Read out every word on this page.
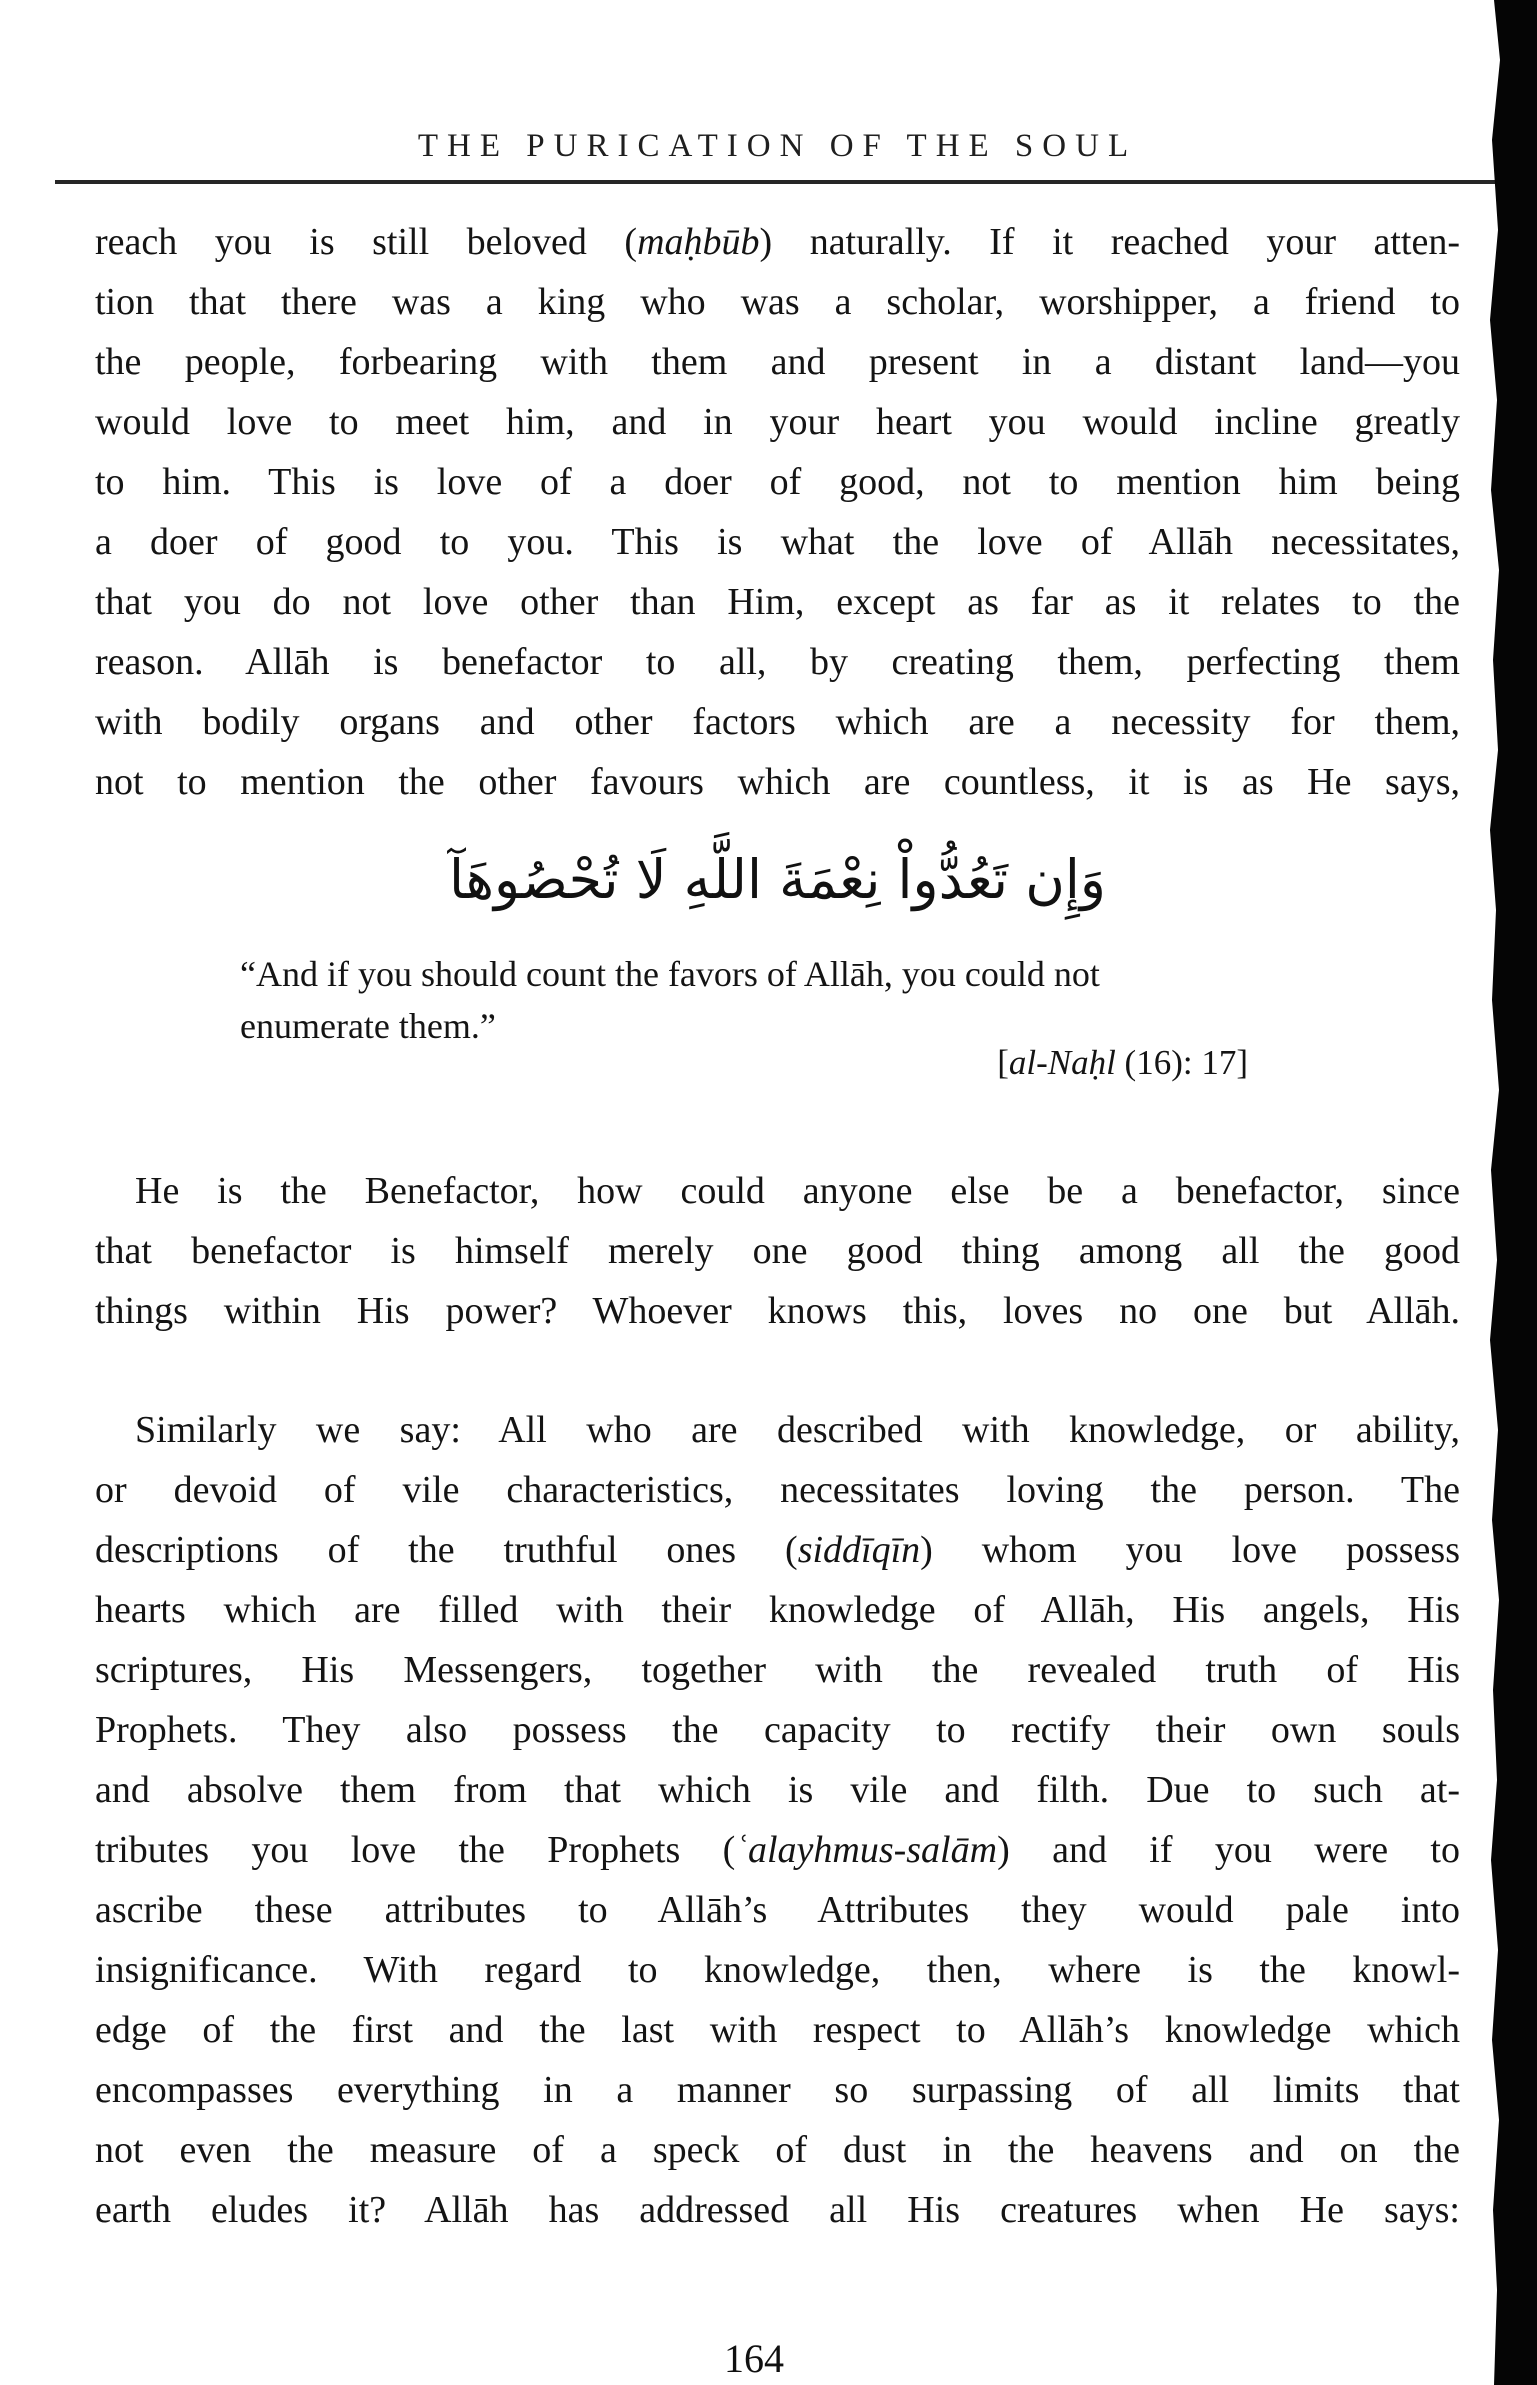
THE PURICATION OF THE SOUL
reach you is still beloved (maḥbūb) naturally. If it reached your atten-
tion that there was a king who was a scholar, worshipper, a friend to
the people, forbearing with them and present in a distant land—you
would love to meet him, and in your heart you would incline greatly
to him. This is love of a doer of good, not to mention him being
a doer of good to you. This is what the love of Allāh necessitates,
that you do not love other than Him, except as far as it relates to the
reason. Allāh is benefactor to all, by creating them, perfecting them
with bodily organs and other factors which are a necessity for them,
not to mention the other favours which are countless, it is as He says,
وَإِن تَعُدُّواْ نِعْمَةَ اللَّهِ لَا تُحْصُوهَآ
“And if you should count the favors of Allāh, you could not
enumerate them.”
[al-Naḥl (16): 17]
He is the Benefactor, how could anyone else be a benefactor, since
that benefactor is himself merely one good thing among all the good
things within His power? Whoever knows this, loves no one but Allāh.
Similarly we say: All who are described with knowledge, or ability,
or devoid of vile characteristics, necessitates loving the person. The
descriptions of the truthful ones (siddīqīn) whom you love possess
hearts which are filled with their knowledge of Allāh, His angels, His
scriptures, His Messengers, together with the revealed truth of His
Prophets. They also possess the capacity to rectify their own souls
and absolve them from that which is vile and filth. Due to such at-
tributes you love the Prophets (ʿalayhmus-salām) and if you were to
ascribe these attributes to Allāh’s Attributes they would pale into
insignificance. With regard to knowledge, then, where is the knowl-
edge of the first and the last with respect to Allāh’s knowledge which
encompasses everything in a manner so surpassing of all limits that
not even the measure of a speck of dust in the heavens and on the
earth eludes it? Allāh has addressed all His creatures when He says:
164
